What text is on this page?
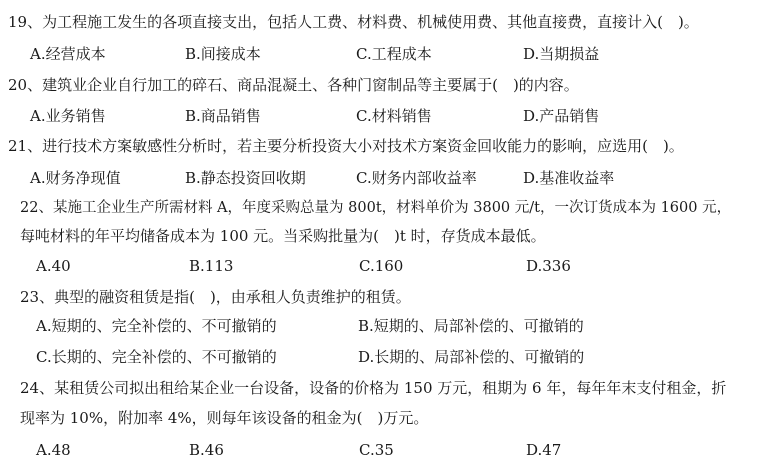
19、为工程施工发生的各项直接支出，包括人工费、材料费、机械使用费、其他直接费，直接计入(　)。
A.经营成本	B.间接成本	C.工程成本	D.当期损益
20、建筑业企业自行加工的碎石、商品混凝土、各种门窗制品等主要属于(　)的内容。
A.业务销售	B.商品销售	C.材料销售	D.产品销售
21、进行技术方案敏感性分析时，若主要分析投资大小对技术方案资金回收能力的影响，应选用(　)。
A.财务净现值	B.静态投资回收期	C.财务内部收益率	D.基准收益率
22、某施工企业生产所需材料 A，年度采购总量为 800t，材料单价为 3800 元/t，一次订货成本为 1600 元，
每吨材料的年平均储备成本为 100 元。当采购批量为(　)t 时，存货成本最低。
A.40	B.113	C.160	D.336
23、典型的融资租赁是指(　)，由承租人负责维护的租赁。
A.短期的、完全补偿的、不可撤销的	B.短期的、局部补偿的、可撤销的
C.长期的、完全补偿的、不可撤销的	D.长期的、局部补偿的、可撤销的
24、某租赁公司拟出租给某企业一台设备，设备的价格为 150 万元，租期为 6 年，每年年末支付租金，折
现率为 10%，附加率 4%，则每年该设备的租金为(　)万元。
A.48	B.46	C.35	D.47
